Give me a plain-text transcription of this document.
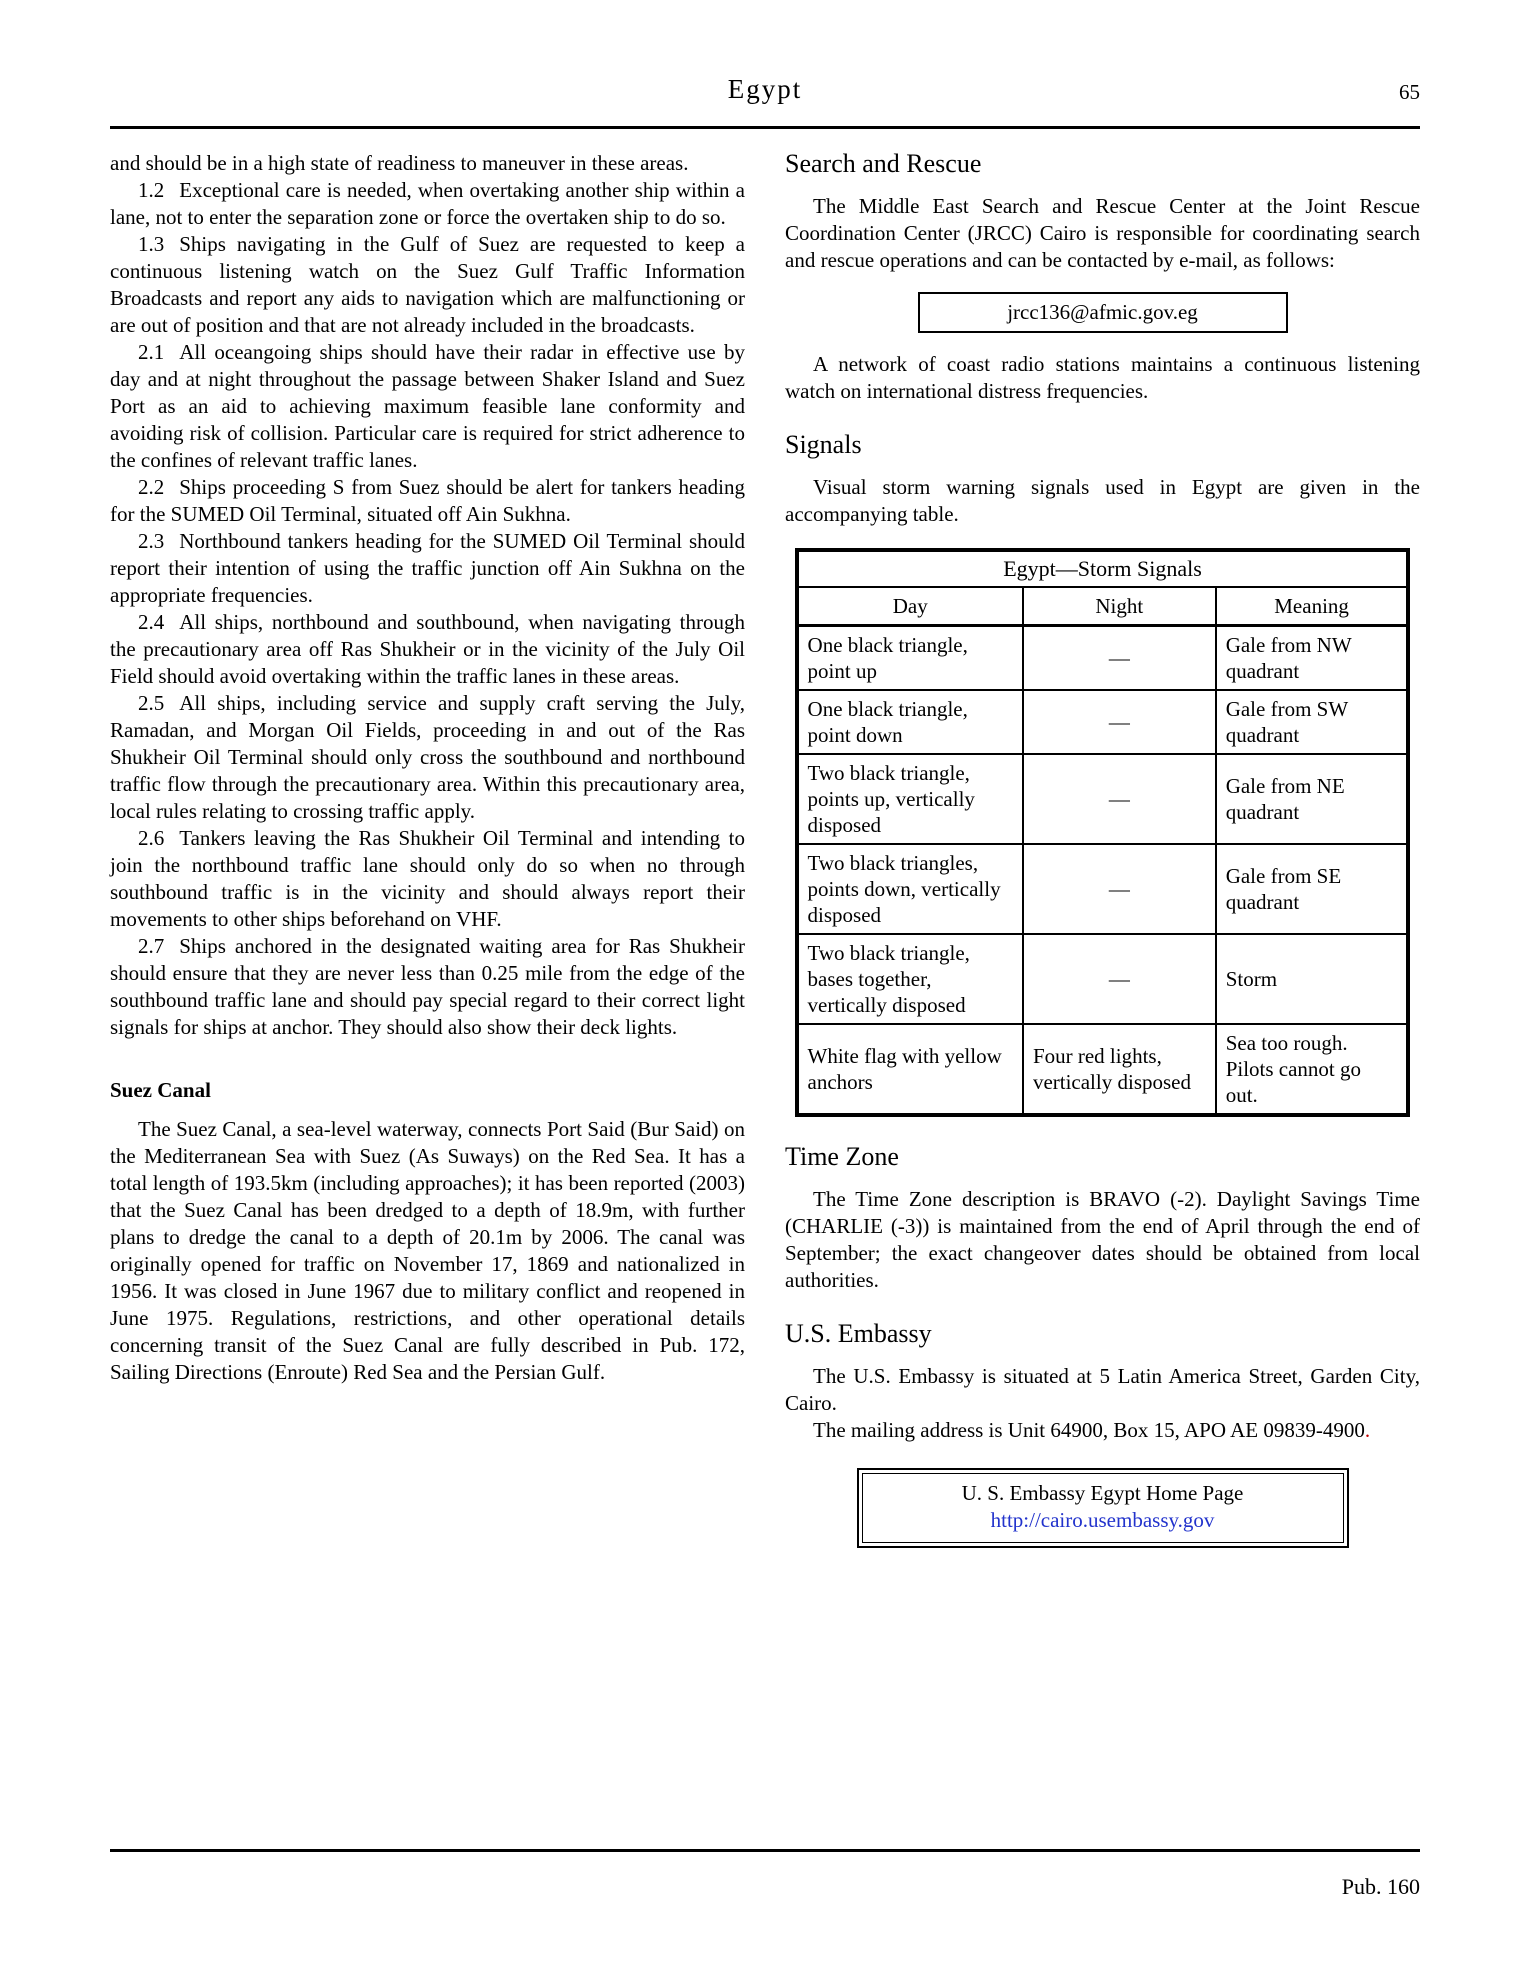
Egypt	65

and should be in a high state of readiness to maneuver in these areas.

1.2 Exceptional care is needed, when overtaking another ship within a lane, not to enter the separation zone or force the overtaken ship to do so.

1.3 Ships navigating in the Gulf of Suez are requested to keep a continuous listening watch on the Suez Gulf Traffic Information Broadcasts and report any aids to navigation which are malfunctioning or are out of position and that are not already included in the broadcasts.

2.1 All oceangoing ships should have their radar in effective use by day and at night throughout the passage between Shaker Island and Suez Port as an aid to achieving maximum feasible lane conformity and avoiding risk of collision. Particular care is required for strict adherence to the confines of relevant traffic lanes.

2.2 Ships proceeding S from Suez should be alert for tankers heading for the SUMED Oil Terminal, situated off Ain Sukhna.

2.3 Northbound tankers heading for the SUMED Oil Terminal should report their intention of using the traffic junction off Ain Sukhna on the appropriate frequencies.

2.4 All ships, northbound and southbound, when navigating through the precautionary area off Ras Shukheir or in the vicinity of the July Oil Field should avoid overtaking within the traffic lanes in these areas.

2.5 All ships, including service and supply craft serving the July, Ramadan, and Morgan Oil Fields, proceeding in and out of the Ras Shukheir Oil Terminal should only cross the southbound and northbound traffic flow through the precautionary area. Within this precautionary area, local rules relating to crossing traffic apply.

2.6 Tankers leaving the Ras Shukheir Oil Terminal and intending to join the northbound traffic lane should only do so when no through southbound traffic is in the vicinity and should always report their movements to other ships beforehand on VHF.

2.7 Ships anchored in the designated waiting area for Ras Shukheir should ensure that they are never less than 0.25 mile from the edge of the southbound traffic lane and should pay special regard to their correct light signals for ships at anchor. They should also show their deck lights.

Suez Canal

The Suez Canal, a sea-level waterway, connects Port Said (Bur Said) on the Mediterranean Sea with Suez (As Suways) on the Red Sea. It has a total length of 193.5km (including approaches); it has been reported (2003) that the Suez Canal has been dredged to a depth of 18.9m, with further plans to dredge the canal to a depth of 20.1m by 2006. The canal was originally opened for traffic on November 17, 1869 and nationalized in 1956. It was closed in June 1967 due to military conflict and reopened in June 1975. Regulations, restrictions, and other operational details concerning transit of the Suez Canal are fully described in Pub. 172, Sailing Directions (Enroute) Red Sea and the Persian Gulf.

Search and Rescue

The Middle East Search and Rescue Center at the Joint Rescue Coordination Center (JRCC) Cairo is responsible for coordinating search and rescue operations and can be contacted by e-mail, as follows:

jrcc136@afmic.gov.eg

A network of coast radio stations maintains a continuous listening watch on international distress frequencies.

Signals

Visual storm warning signals used in Egypt are given in the accompanying table.

Egypt—Storm Signals		
Day	Night	Meaning
One black triangle, point up	—	Gale from NW quadrant
One black triangle, point down	—	Gale from SW quadrant
Two black triangle, points up, vertically disposed	—	Gale from NE quadrant
Two black triangles, points down, vertically disposed	—	Gale from SE quadrant
Two black triangle, bases together, vertically disposed	—	Storm
White flag with yellow anchors	Four red lights, vertically disposed	Sea too rough. Pilots cannot go out.
Time Zone

The Time Zone description is BRAVO (-2). Daylight Savings Time (CHARLIE (-3)) is maintained from the end of April through the end of September; the exact changeover dates should be obtained from local authorities.

U.S. Embassy

The U.S. Embassy is situated at 5 Latin America Street, Garden City, Cairo.

The mailing address is Unit 64900, Box 15, APO AE 09839-4900.

U. S. Embassy Egypt Home Page
http://cairo.usembassy.gov
Pub. 160
